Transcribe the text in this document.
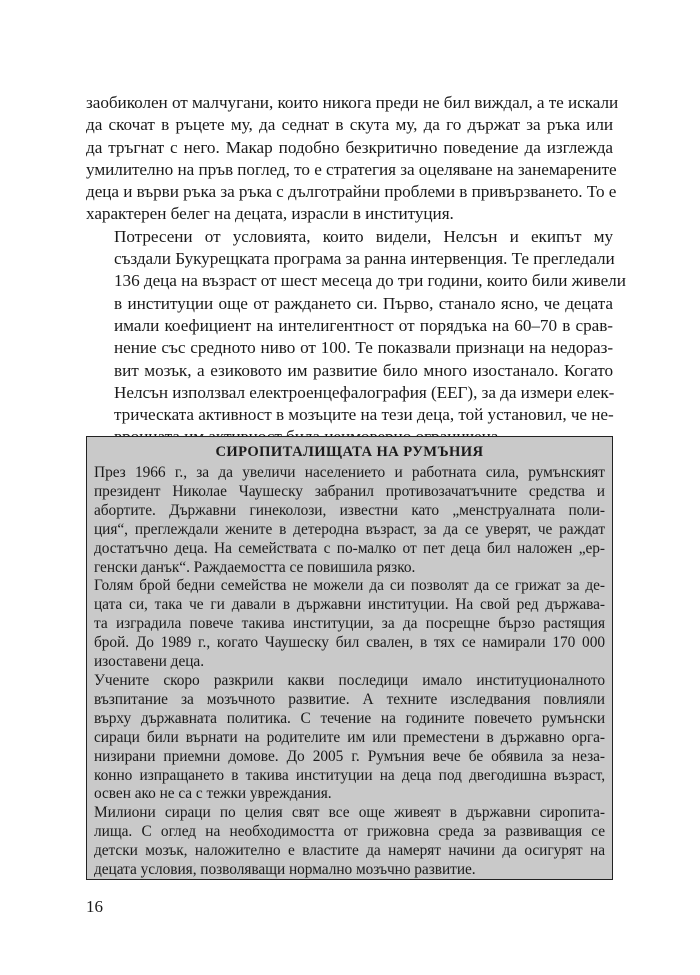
заобиколен от малчугани, които никога преди не бил виждал, а те искали
да скочат в ръцете му, да седнат в скута му, да го държат за ръка или
да тръгнат с него. Макар подобно безкритично поведение да изглежда
умилително на пръв поглед, то е стратегия за оцеляване на занемарените
деца и върви ръка за ръка с дълготрайни проблеми в привързването. То е
характерен белег на децата, израсли в институция.

Потресени от условията, които видели, Нелсън и екипът му
създали Букурещката програма за ранна интервенция. Те прегледали
136 деца на възраст от шест месеца до три години, които били живели
в институции още от раждането си. Първо, станало ясно, че децата
имали коефициент на интелигентност от порядъка на 60–70 в срав-
нение със средното ниво от 100. Те показвали признаци на недораз-
вит мозък, а езиковото им развитие било много изостанало. Когато
Нелсън използвал електроенцефалография (ЕЕГ), за да измери елек-
трическата активност в мозъците на тези деца, той установил, че не-

СИРОПИТАЛИЩАТА НА РУМЪНИЯ
През 1966 г., за да увеличи населението и работната сила, румънският
президент Николае Чаушеску забранил противозачатъчните средства и
абортите. Държавни гинеколози, известни като „менструалната поли-
ция“, преглеждали жените в детеродна възраст, за да се уверят, че раждат
достатъчно деца. На семействата с по-малко от пет деца бил наложен „ер-
генски данък“. Раждаемостта се повишила рязко.
Голям брой бедни семейства не можели да си позволят да се грижат за де-
цата си, така че ги давали в държавни институции. На свой ред държава-
та изградила повече такива институции, за да посрещне бързо растящия
брой. До 1989 г., когато Чаушеску бил свален, в тях се намирали 170 000
изоставени деца.
Учените скоро разкрили какви последици имало институционалното
възпитание за мозъчното развитие. А техните изследвания повлияли
върху държавната политика. С течение на годините повечето румънски
сираци били върнати на родителите им или преместени в държавно орга-
низирани приемни домове. До 2005 г. Румъния вече бе обявила за неза-
конно изпращането в такива институции на деца под двегодишна възраст,
освен ако не са с тежки увреждания.
Милиони сираци по целия свят все още живеят в държавни сиропита-
лища. С оглед на необходимостта от грижовна среда за развиващия се
детски мозък, наложително е властите да намерят начини да осигурят на
децата условия, позволяващи нормално мозъчно развитие.
16
